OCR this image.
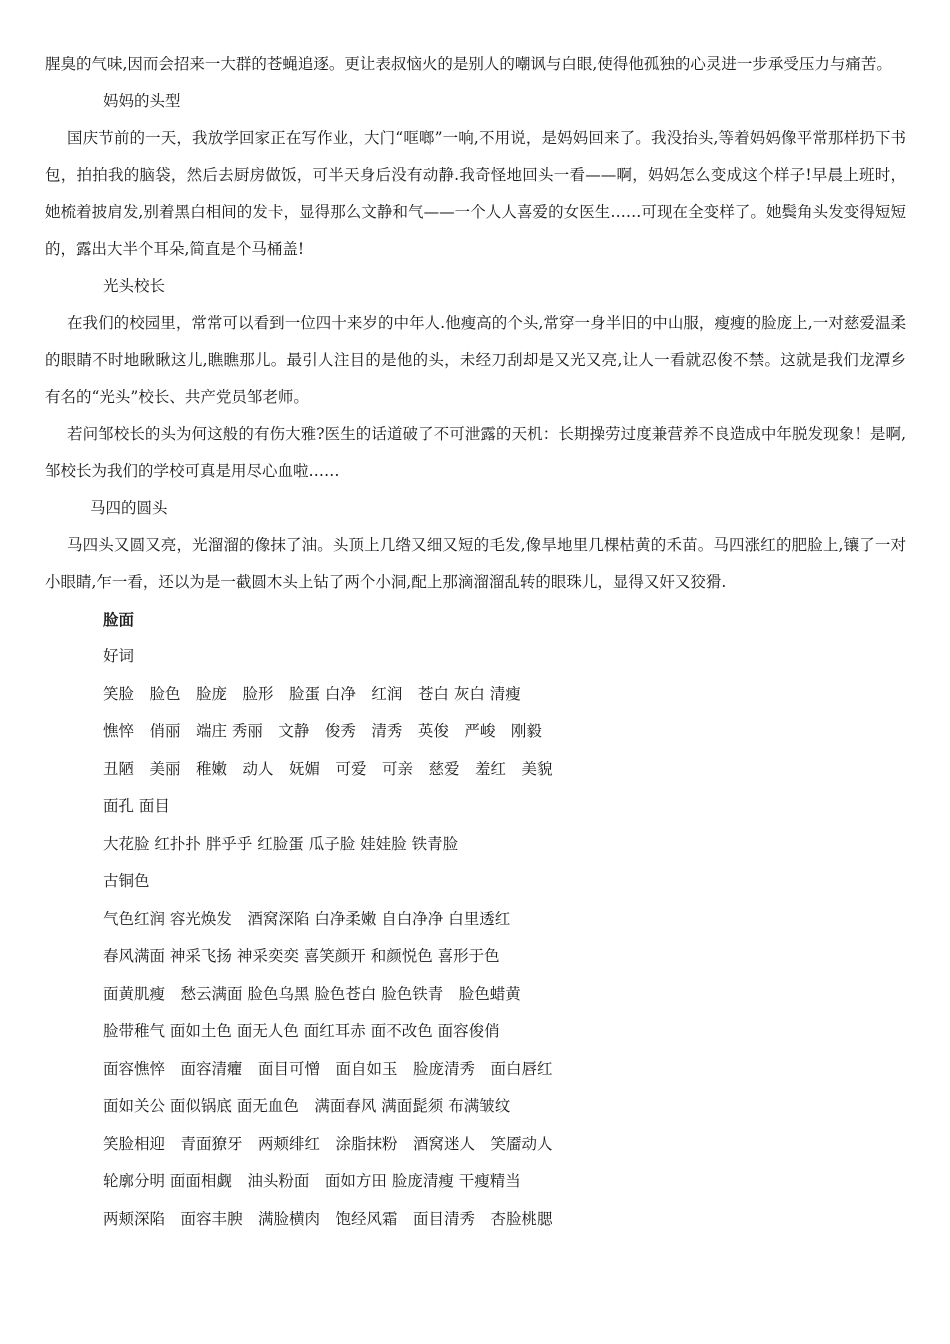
腥臭的气味,因而会招来一大群的苍蝇追逐。更让表叔恼火的是别人的嘲讽与白眼,使得他孤独的心灵进一步承受压力与痛苦。

妈妈的头型

国庆节前的一天，我放学回家正在写作业，大门“哐啷”一响,不用说，是妈妈回来了。我没抬头,等着妈妈像平常那样扔下书包，拍拍我的脑袋，然后去厨房做饭，可半天身后没有动静.我奇怪地回头一看——啊，妈妈怎么变成这个样子!早晨上班时，她梳着披肩发,别着黑白相间的发卡，显得那么文静和气——一个人人喜爱的女医生……可现在全变样了。她鬓角头发变得短短的，露出大半个耳朵,简直是个马桶盖!

光头校长

在我们的校园里，常常可以看到一位四十来岁的中年人.他瘦高的个头,常穿一身半旧的中山服，瘦瘦的脸庞上,一对慈爱温柔的眼睛不时地瞅瞅这儿,瞧瞧那儿。最引人注目的是他的头，未经刀刮却是又光又亮,让人一看就忍俊不禁。这就是我们龙潭乡有名的“光头”校长、共产党员邹老师。

若问邹校长的头为何这般的有伤大雅?医生的话道破了不可泄露的天机：长期操劳过度兼营养不良造成中年脱发现象！是啊,邹校长为我们的学校可真是用尽心血啦……

马四的圆头

马四头又圆又亮，光溜溜的像抹了油。头顶上几绺又细又短的毛发,像旱地里几棵枯黄的禾苗。马四涨红的肥脸上,镶了一对小眼睛,乍一看，还以为是一截圆木头上钻了两个小洞,配上那滴溜溜乱转的眼珠儿，显得又奸又狡猾.

脸面

好词

笑脸　脸色　脸庞　脸形　脸蛋 白净　红润　苍白 灰白 清瘦

憔悴　俏丽　端庄 秀丽　文静　俊秀　清秀　英俊　严峻　刚毅

丑陋　美丽　稚嫩　动人　妩媚　可爱　可亲　慈爱　羞红　美貌

面孔 面目

大花脸 红扑扑 胖乎乎 红脸蛋 瓜子脸 娃娃脸 铁青脸

古铜色

气色红润 容光焕发　酒窝深陷 白净柔嫩 自白净净 白里透红

春风满面 神采飞扬 神采奕奕 喜笑颜开 和颜悦色 喜形于色

面黄肌瘦　愁云满面 脸色乌黑 脸色苍白 脸色铁青　脸色蜡黄

脸带稚气 面如土色 面无人色 面红耳赤 面不改色 面容俊俏

面容憔悴　面容清癯　面目可憎　面自如玉　脸庞清秀　面白唇红

面如关公 面似锅底 面无血色　满面春风 满面髭须 布满皱纹

笑脸相迎　青面獠牙　两颊绯红　涂脂抹粉　酒窝迷人　笑靥动人

轮廓分明 面面相觑　油头粉面　面如方田 脸庞清瘦 干瘦精当

两颊深陷　面容丰腴　满脸横肉　饱经风霜　面目清秀　杏脸桃腮
